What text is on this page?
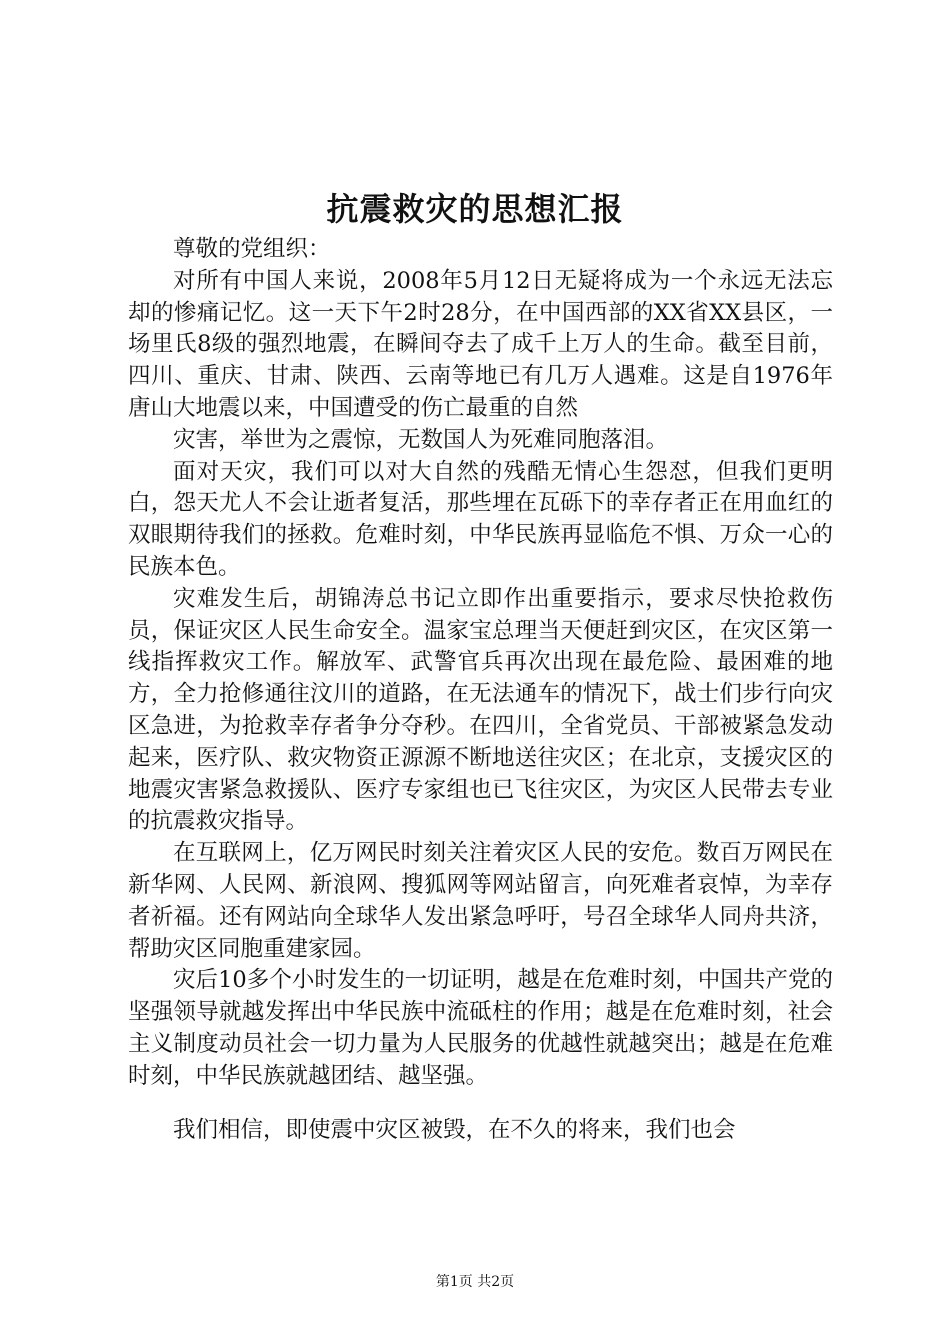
抗震救灾的思想汇报

尊敬的党组织：

对所有中国人来说，2008年5月12日无疑将成为一个永远无法忘却的惨痛记忆。这一天下午2时28分，在中国西部的XX省XX县区，一场里氏8级的强烈地震，在瞬间夺去了成千上万人的生命。截至目前，四川、重庆、甘肃、陕西、云南等地已有几万人遇难。这是自1976年唐山大地震以来，中国遭受的伤亡最重的自然

灾害，举世为之震惊，无数国人为死难同胞落泪。

面对天灾，我们可以对大自然的残酷无情心生怨怼，但我们更明白，怨天尤人不会让逝者复活，那些埋在瓦砾下的幸存者正在用血红的双眼期待我们的拯救。危难时刻，中华民族再显临危不惧、万众一心的民族本色。

灾难发生后，胡锦涛总书记立即作出重要指示，要求尽快抢救伤员，保证灾区人民生命安全。温家宝总理当天便赶到灾区，在灾区第一线指挥救灾工作。解放军、武警官兵再次出现在最危险、最困难的地方，全力抢修通往汶川的道路，在无法通车的情况下，战士们步行向灾区急进，为抢救幸存者争分夺秒。在四川，全省党员、干部被紧急发动起来，医疗队、救灾物资正源源不断地送往灾区；在北京，支援灾区的地震灾害紧急救援队、医疗专家组也已飞往灾区，为灾区人民带去专业的抗震救灾指导。

在互联网上，亿万网民时刻关注着灾区人民的安危。数百万网民在新华网、人民网、新浪网、搜狐网等网站留言，向死难者哀悼，为幸存者祈福。还有网站向全球华人发出紧急呼吁，号召全球华人同舟共济，帮助灾区同胞重建家园。

灾后10多个小时发生的一切证明，越是在危难时刻，中国共产党的坚强领导就越发挥出中华民族中流砥柱的作用；越是在危难时刻，社会主义制度动员社会一切力量为人民服务的优越性就越突出；越是在危难时刻，中华民族就越团结、越坚强。

我们相信，即使震中灾区被毁，在不久的将来，我们也会

第1页 共2页
